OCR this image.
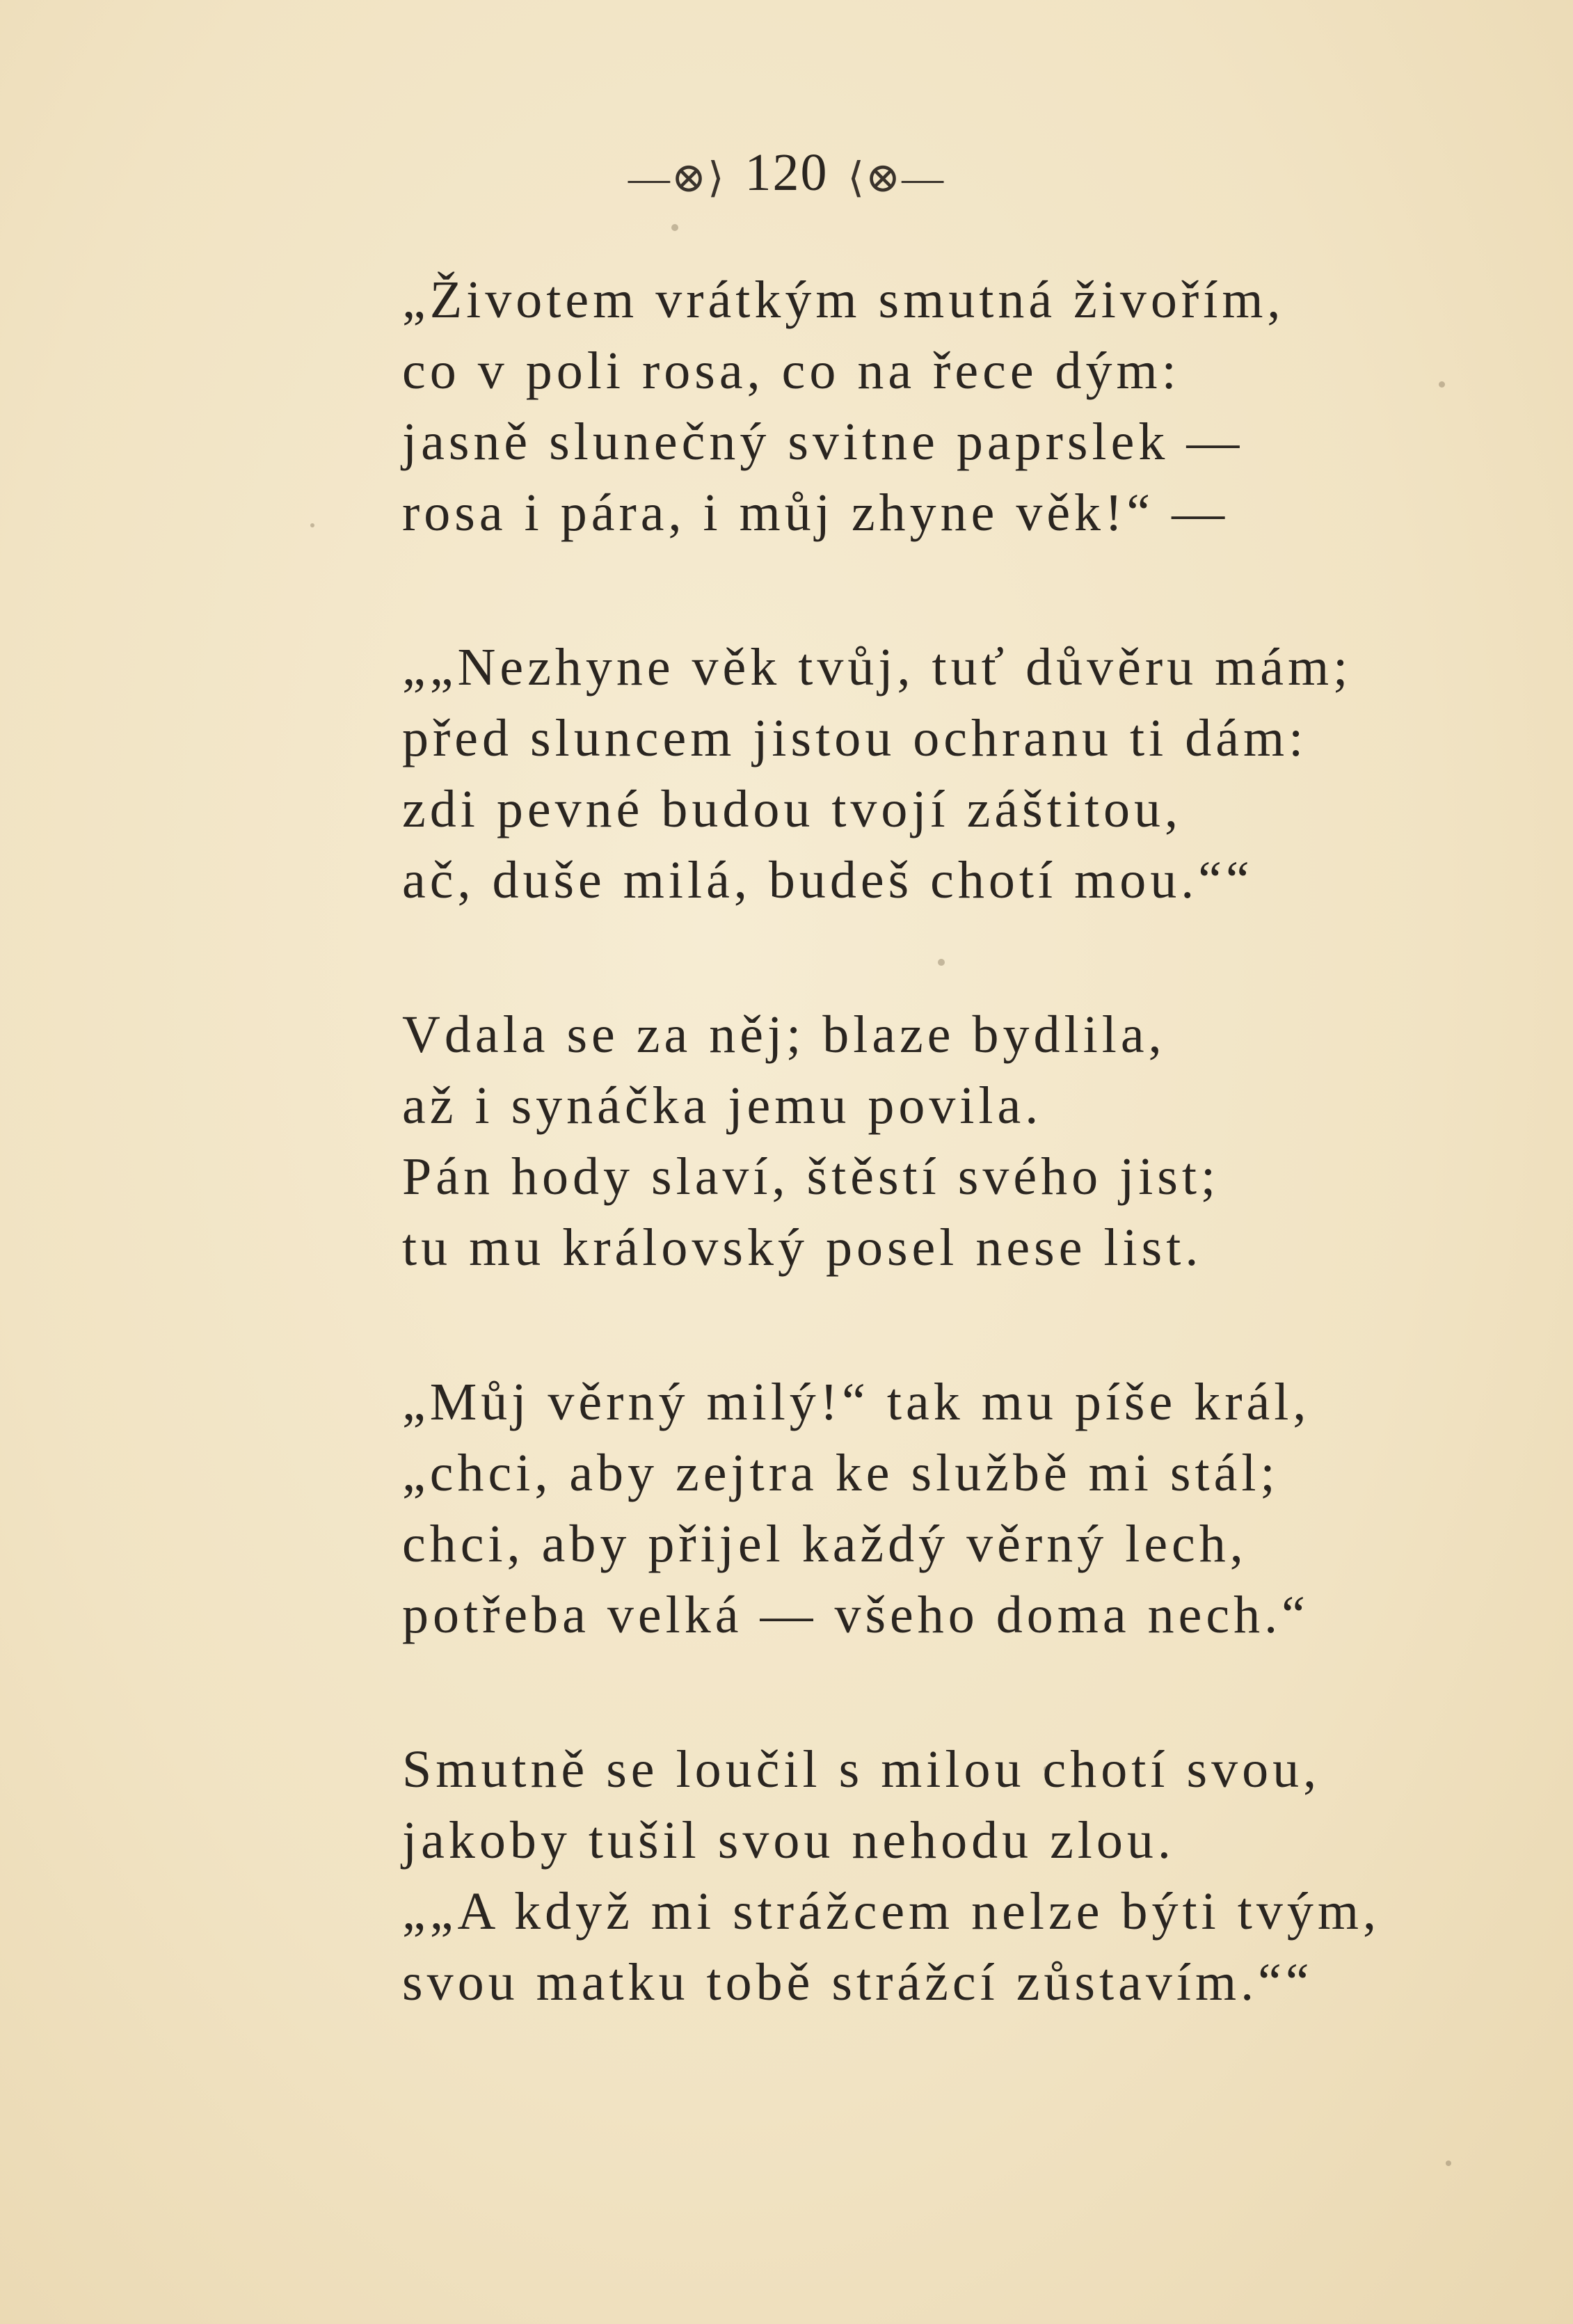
—⊗⟩ 120 ⟨⊗—
„Životem vrátkým smutná živořím,
co v poli rosa, co na řece dým:
jasně slunečný svitne paprslek —
rosa i pára, i můj zhyne věk!“ —
„„Nezhyne věk tvůj, tuť důvěru mám;
před sluncem jistou ochranu ti dám:
zdi pevné budou tvojí záštitou,
ač, duše milá, budeš chotí mou.““
Vdala se za něj; blaze bydlila,
až i synáčka jemu povila.
Pán hody slaví, štěstí svého jist;
tu mu královský posel nese list.
„Můj věrný milý!“ tak mu píše král,
„chci, aby zejtra ke službě mi stál;
chci, aby přijel každý věrný lech,
potřeba velká — všeho doma nech.“
Smutně se loučil s milou chotí svou,
jakoby tušil svou nehodu zlou.
„„A když mi strážcem nelze býti tvým,
svou matku tobě strážcí zůstavím.““
